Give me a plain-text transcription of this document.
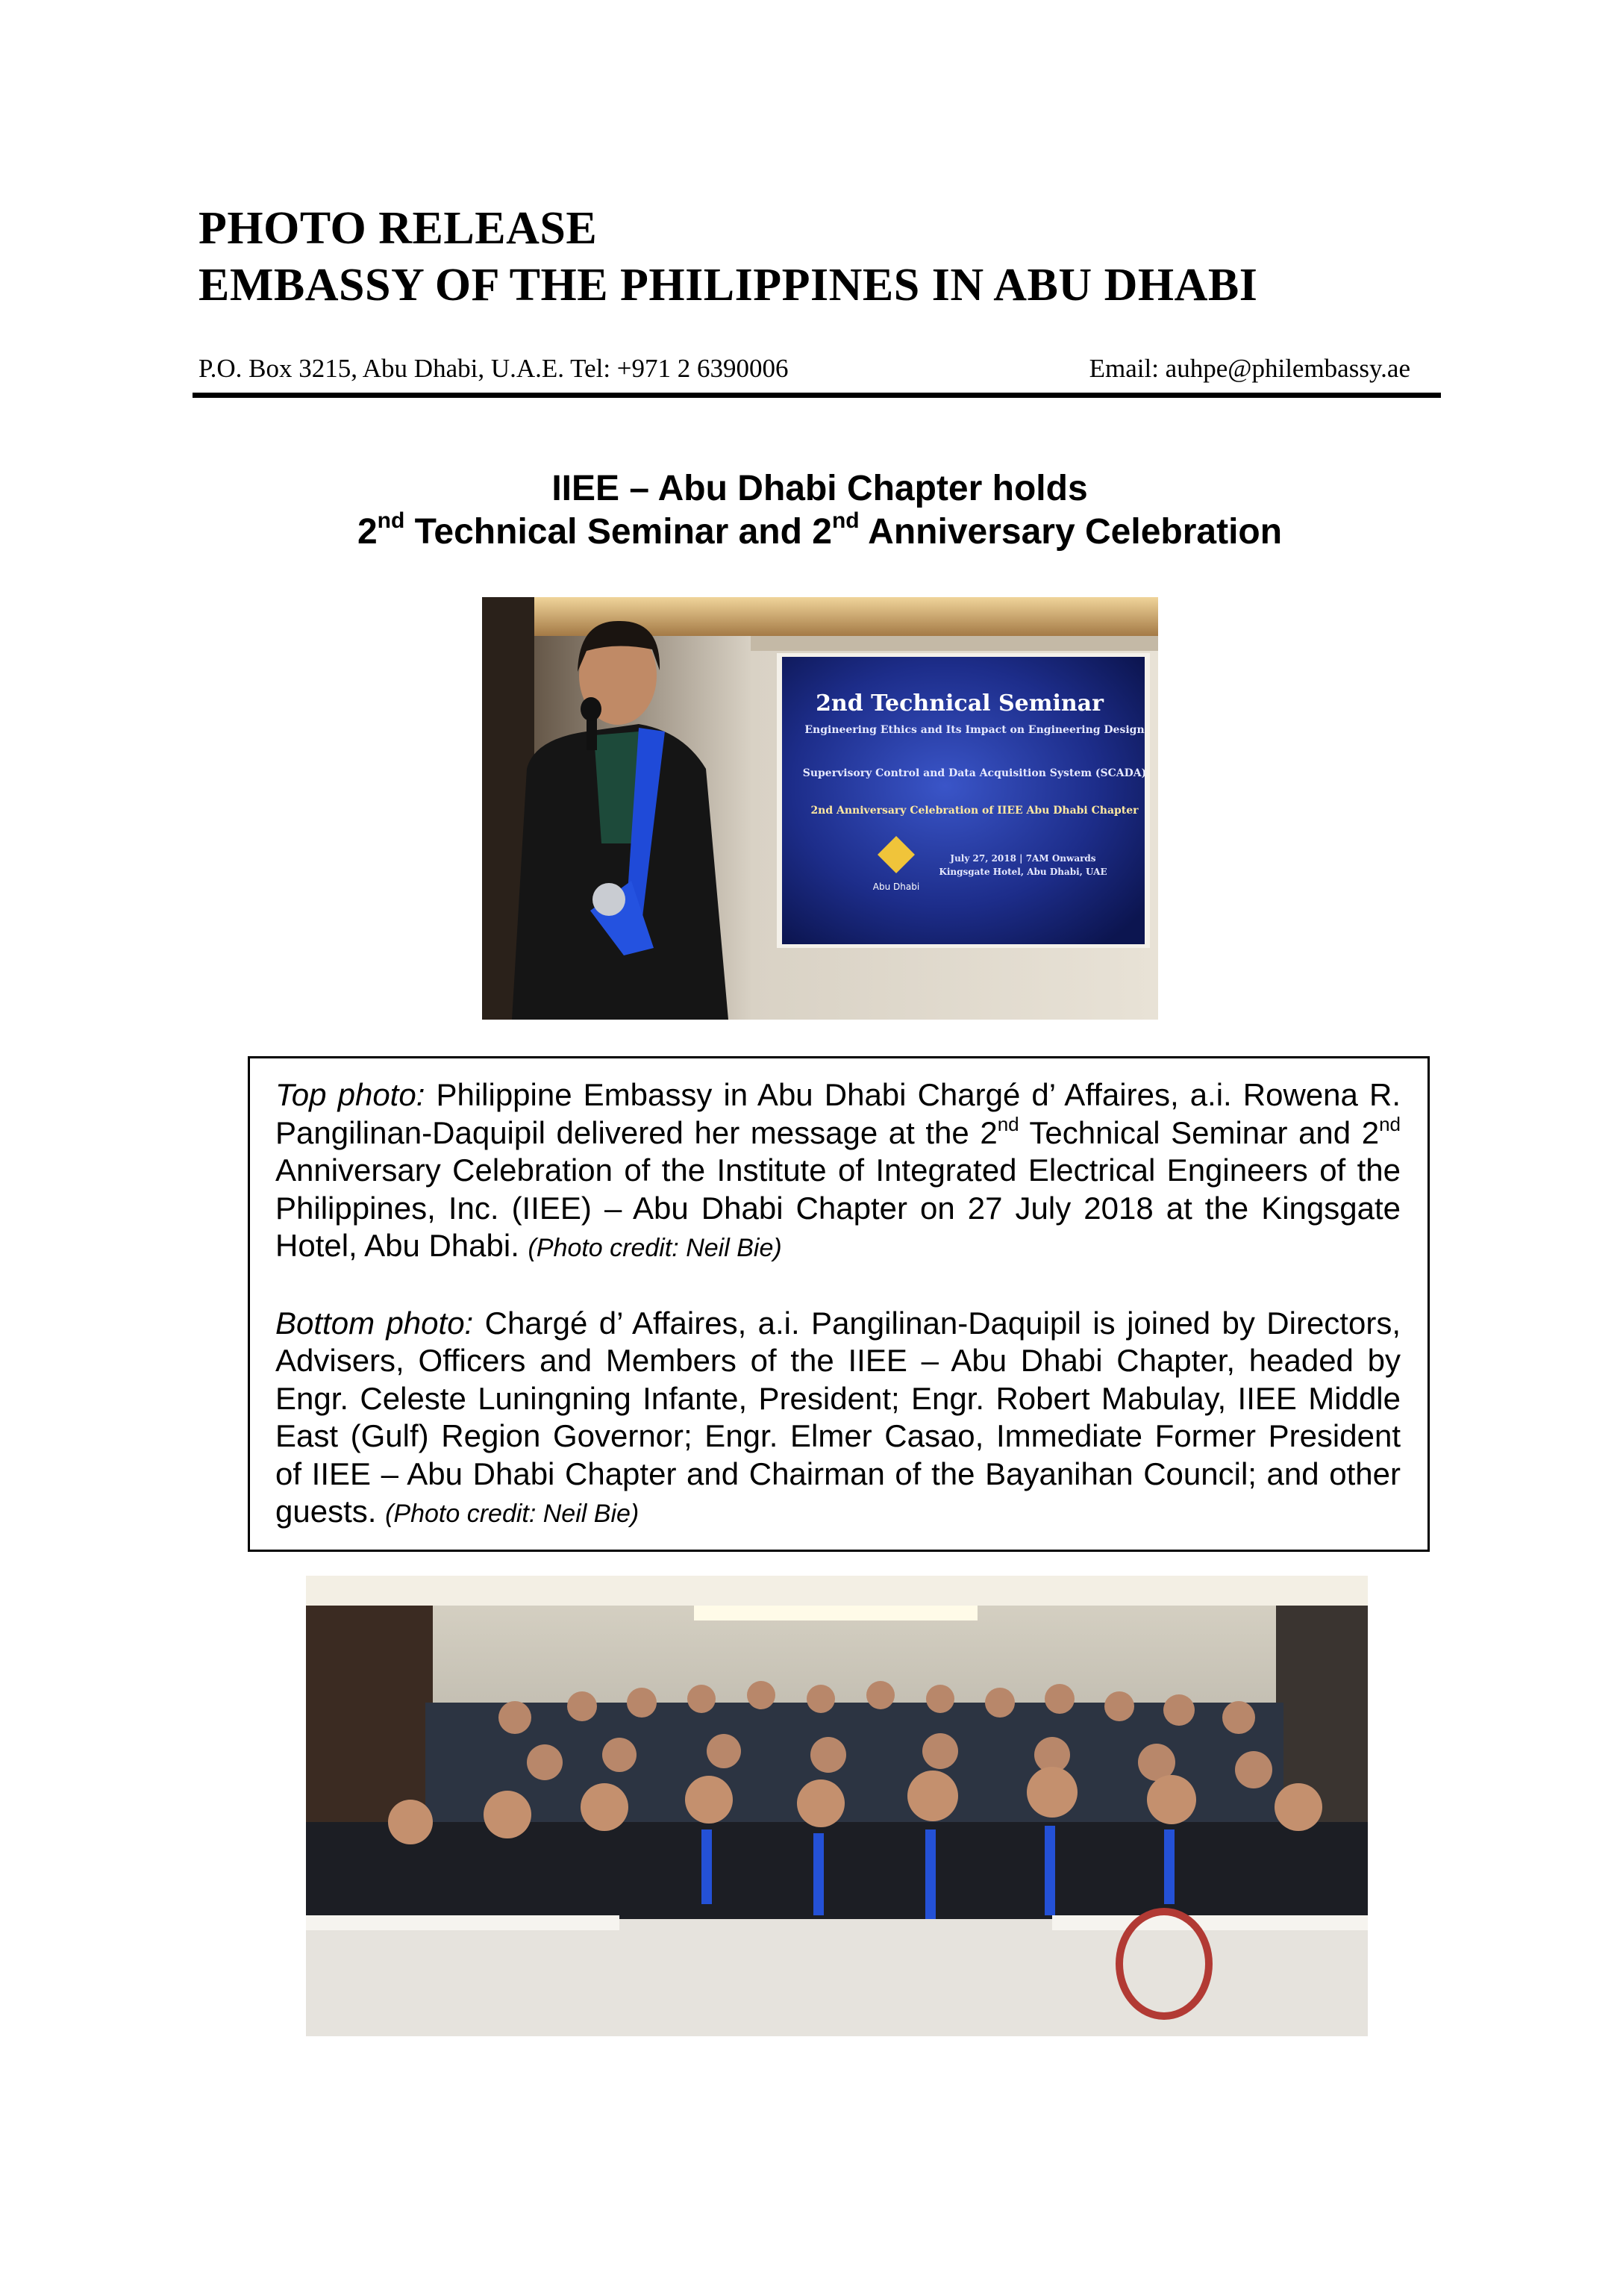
PHOTO RELEASE
EMBASSY OF THE PHILIPPINES IN ABU DHABI
P.O. Box 3215, Abu Dhabi, U.A.E. Tel: +971 2 6390006	Email: auhpe@philembassy.ae
IIEE – Abu Dhabi Chapter holds
2nd Technical Seminar and 2nd Anniversary Celebration
2nd Technical Seminar
Engineering Ethics and Its Impact on Engineering Design
Supervisory Control and Data Acquisition System (SCADA)
2nd Anniversary Celebration of IIEE Abu Dhabi Chapter
July 27, 2018 | 7AM Onwards
Kingsgate Hotel, Abu Dhabi, UAE
Abu Dhabi

Top photo: Philippine Embassy in Abu Dhabi Chargé d’ Affaires, a.i. Rowena R. Pangilinan-Daquipil delivered her message at the 2nd Technical Seminar and 2nd Anniversary Celebration of the Institute of Integrated Electrical Engineers of the Philippines, Inc. (IIEE) – Abu Dhabi Chapter on 27 July 2018 at the Kingsgate Hotel, Abu Dhabi. (Photo credit: Neil Bie)

Bottom photo: Chargé d’ Affaires, a.i. Pangilinan-Daquipil is joined by Directors, Advisers, Officers and Members of the IIEE – Abu Dhabi Chapter, headed by Engr. Celeste Luningning Infante, President; Engr. Robert Mabulay, IIEE Middle East (Gulf) Region Governor; Engr. Elmer Casao, Immediate Former President of IIEE – Abu Dhabi Chapter and Chairman of the Bayanihan Council; and other guests. (Photo credit: Neil Bie)
